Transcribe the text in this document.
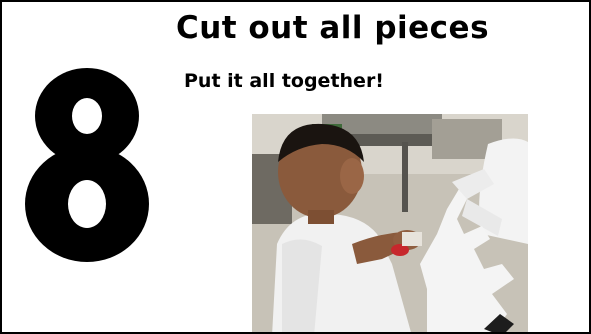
Cut out all pieces
Put it all together!
